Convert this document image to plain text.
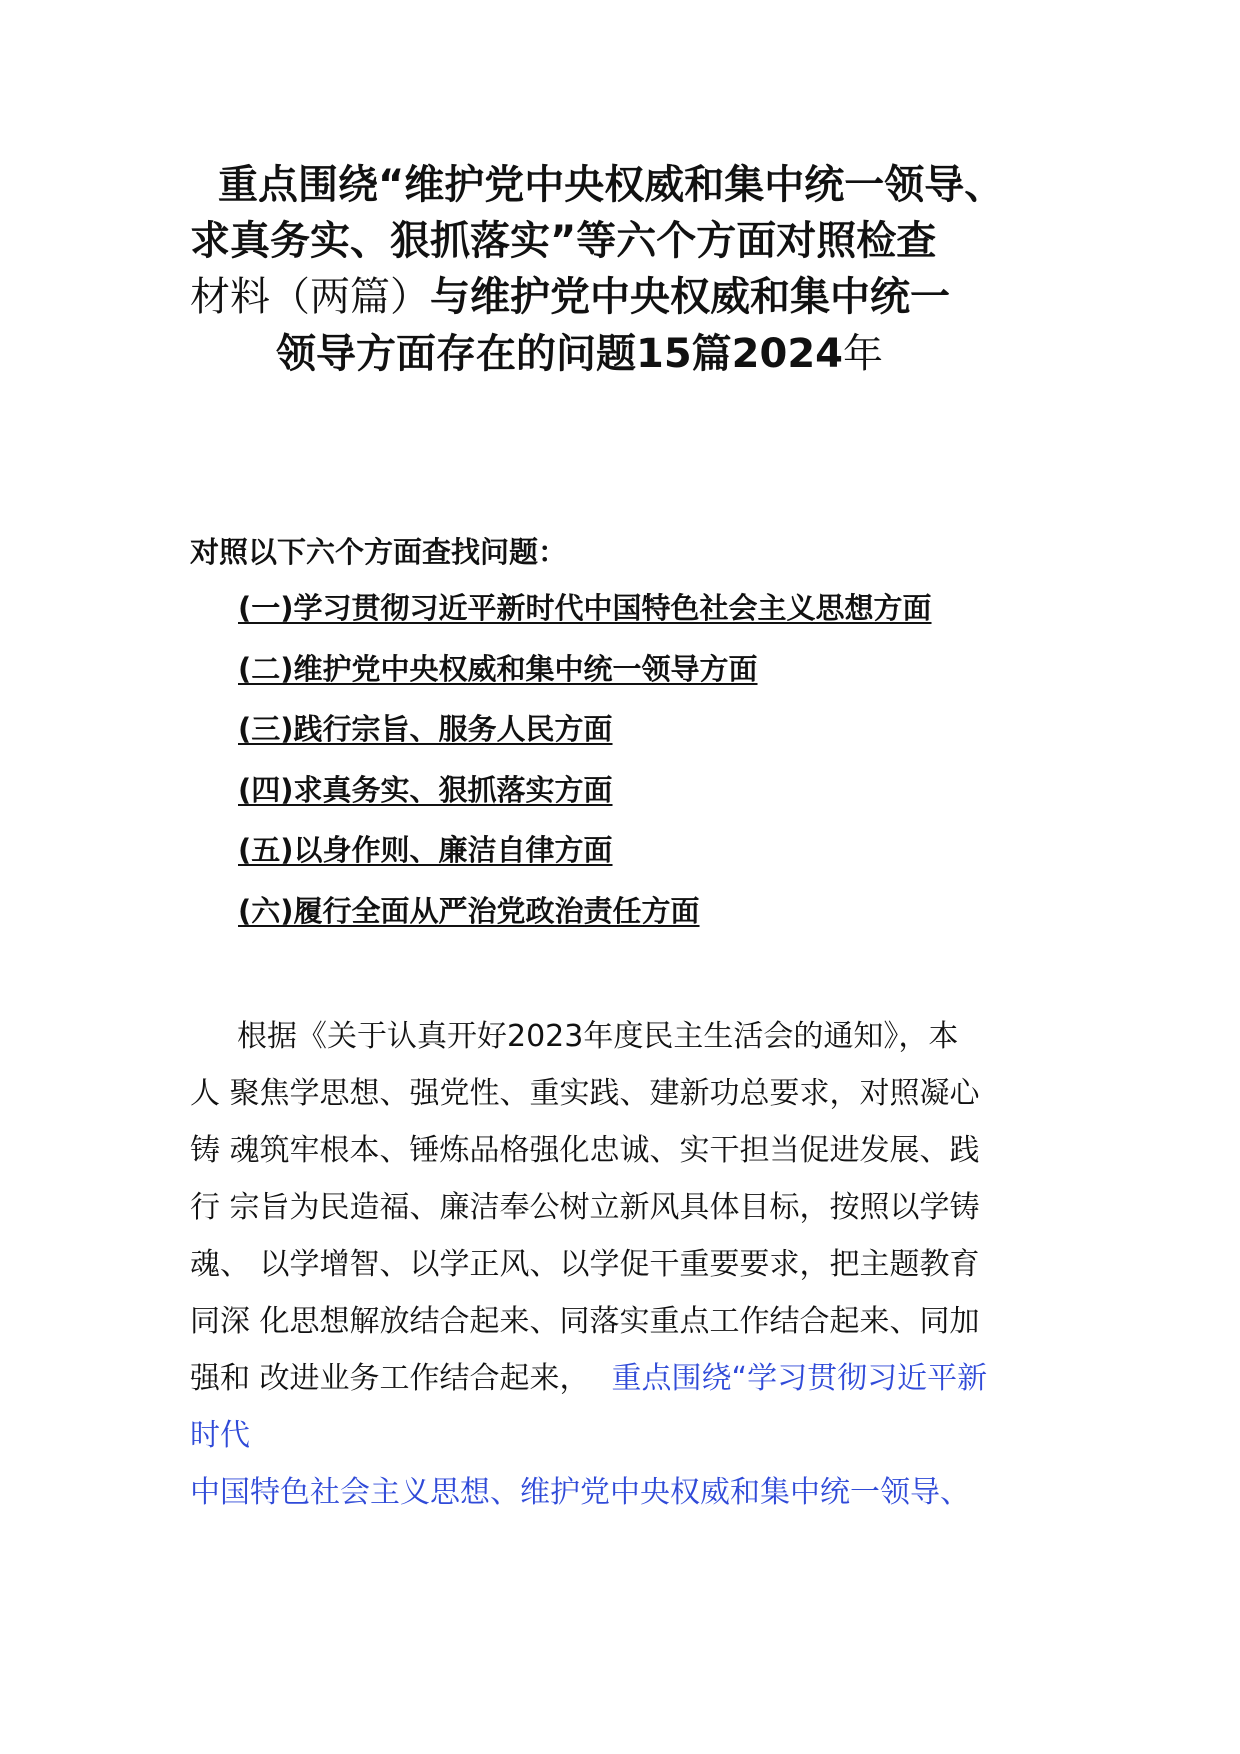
重点围绕“维护党中央权威和集中统一领导、
求真务实、狠抓落实”等六个方面对照检查
材料（两篇）与维护党中央权威和集中统一
领导方面存在的问题15篇2024年
对照以下六个方面查找问题：
(一)学习贯彻习近平新时代中国特色社会主义思想方面
(二)维护党中央权威和集中统一领导方面
(三)践行宗旨、服务人民方面
(四)求真务实、狠抓落实方面
(五)以身作则、廉洁自律方面
(六)履行全面从严治党政治责任方面
根据《关于认真开好2023年度民主生活会的通知》，本
人 聚焦学思想、强党性、重实践、建新功总要求，对照凝心
铸 魂筑牢根本、锤炼品格强化忠诚、实干担当促进发展、践
行 宗旨为民造福、廉洁奉公树立新风具体目标，按照以学铸
魂、 以学增智、以学正风、以学促干重要要求，把主题教育
同深 化思想解放结合起来、同落实重点工作结合起来、同加
强和 改进业务工作结合起来， 重点围绕“学习贯彻习近平新
时代
中国特色社会主义思想、维护党中央权威和集中统一领导、
